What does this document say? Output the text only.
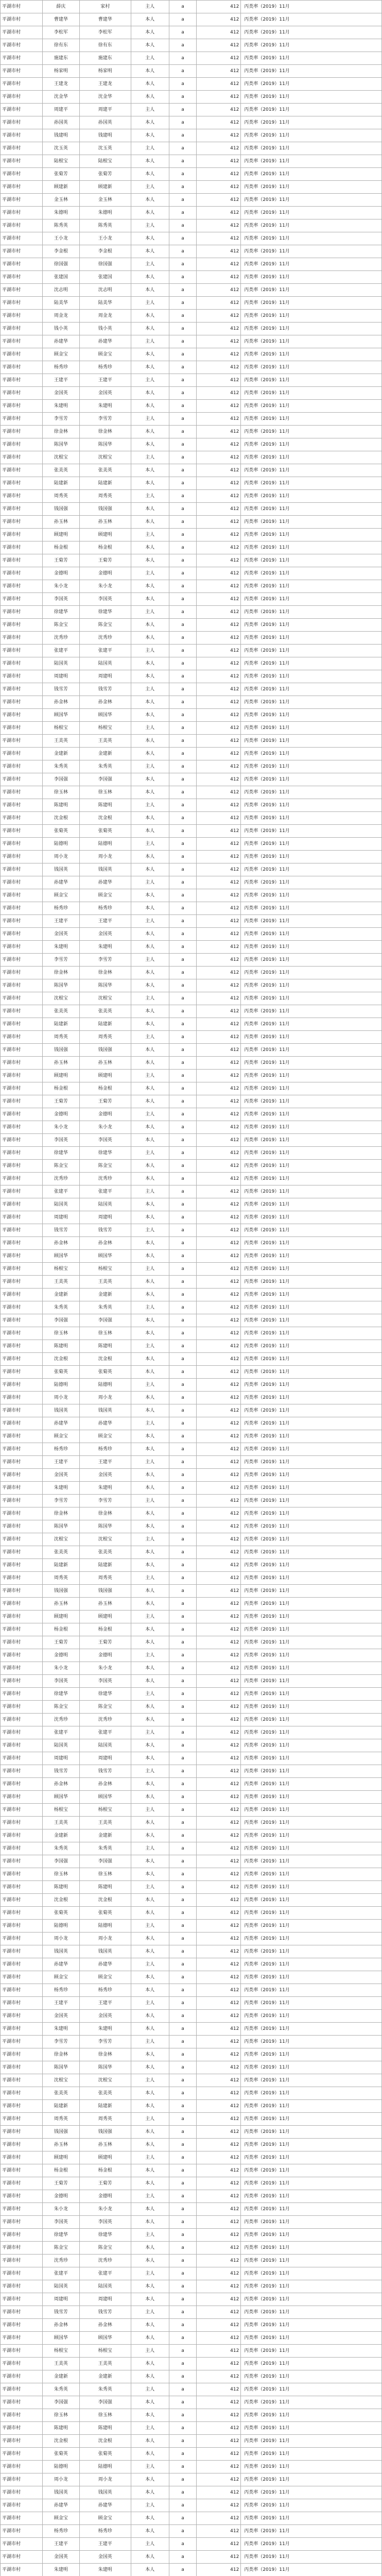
平湖市村	薛庆	家村	主人	a	412	丙类率（2019）11月
平湖市村	曹建华	曹建华	本人	a	412	丙类率（2019）11月
平湖市村	李松军	李松军	本人	a	412	丙类率（2019）11月
平湖市村	徐有东	徐有东	本人	a	412	丙类率（2019）11月
平湖市村	施建东	施建东	主人	a	412	丙类率（2019）11月
平湖市村	杨家明	杨家明	本人	a	412	丙类率（2019）11月
平湖市村	王建龙	王建龙	本人	a	412	丙类率（2019）11月
平湖市村	沈金华	沈金华	本人	a	412	丙类率（2019）11月
平湖市村	周建平	周建平	主人	a	412	丙类率（2019）11月
平湖市村	孙国英	孙国英	本人	a	412	丙类率（2019）11月
平湖市村	钱建明	钱建明	本人	a	412	丙类率（2019）11月
平湖市村	沈玉英	沈玉英	主人	a	412	丙类率（2019）11月
平湖市村	陆根宝	陆根宝	本人	a	412	丙类率（2019）11月
平湖市村	张菊芳	张菊芳	本人	a	412	丙类率（2019）11月
平湖市村	顾建新	顾建新	主人	a	412	丙类率（2019）11月
平湖市村	金玉林	金玉林	本人	a	412	丙类率（2019）11月
平湖市村	朱德明	朱德明	本人	a	412	丙类率（2019）11月
平湖市村	陈秀英	陈秀英	主人	a	412	丙类率（2019）11月
平湖市村	王小龙	王小龙	本人	a	412	丙类率（2019）11月
平湖市村	李金根	李金根	本人	a	412	丙类率（2019）11月
平湖市村	徐国强	徐国强	主人	a	412	丙类率（2019）11月
平湖市村	张建国	张建国	本人	a	412	丙类率（2019）11月
平湖市村	沈志明	沈志明	本人	a	412	丙类率（2019）11月
平湖市村	陆美华	陆美华	主人	a	412	丙类率（2019）11月
平湖市村	周金龙	周金龙	本人	a	412	丙类率（2019）11月
平湖市村	钱小英	钱小英	本人	a	412	丙类率（2019）11月
平湖市村	孙建华	孙建华	主人	a	412	丙类率（2019）11月
平湖市村	顾金宝	顾金宝	本人	a	412	丙类率（2019）11月
平湖市村	杨秀珍	杨秀珍	本人	a	412	丙类率（2019）11月
平湖市村	王建平	王建平	主人	a	412	丙类率（2019）11月
平湖市村	金国英	金国英	本人	a	412	丙类率（2019）11月
平湖市村	朱建明	朱建明	本人	a	412	丙类率（2019）11月
平湖市村	李雪芳	李雪芳	主人	a	412	丙类率（2019）11月
平湖市村	徐金林	徐金林	本人	a	412	丙类率（2019）11月
平湖市村	陈国华	陈国华	本人	a	412	丙类率（2019）11月
平湖市村	沈根宝	沈根宝	主人	a	412	丙类率（2019）11月
平湖市村	张美英	张美英	本人	a	412	丙类率（2019）11月
平湖市村	陆建新	陆建新	本人	a	412	丙类率（2019）11月
平湖市村	周秀英	周秀英	主人	a	412	丙类率（2019）11月
平湖市村	钱国强	钱国强	本人	a	412	丙类率（2019）11月
平湖市村	孙玉林	孙玉林	本人	a	412	丙类率（2019）11月
平湖市村	顾建明	顾建明	主人	a	412	丙类率（2019）11月
平湖市村	杨金根	杨金根	本人	a	412	丙类率（2019）11月
平湖市村	王菊芳	王菊芳	本人	a	412	丙类率（2019）11月
平湖市村	金德明	金德明	主人	a	412	丙类率（2019）11月
平湖市村	朱小龙	朱小龙	本人	a	412	丙类率（2019）11月
平湖市村	李国英	李国英	本人	a	412	丙类率（2019）11月
平湖市村	徐建华	徐建华	主人	a	412	丙类率（2019）11月
平湖市村	陈金宝	陈金宝	本人	a	412	丙类率（2019）11月
平湖市村	沈秀珍	沈秀珍	本人	a	412	丙类率（2019）11月
平湖市村	张建平	张建平	主人	a	412	丙类率（2019）11月
平湖市村	陆国英	陆国英	本人	a	412	丙类率（2019）11月
平湖市村	周建明	周建明	本人	a	412	丙类率（2019）11月
平湖市村	钱雪芳	钱雪芳	主人	a	412	丙类率（2019）11月
平湖市村	孙金林	孙金林	本人	a	412	丙类率（2019）11月
平湖市村	顾国华	顾国华	本人	a	412	丙类率（2019）11月
平湖市村	杨根宝	杨根宝	主人	a	412	丙类率（2019）11月
平湖市村	王美英	王美英	本人	a	412	丙类率（2019）11月
平湖市村	金建新	金建新	本人	a	412	丙类率（2019）11月
平湖市村	朱秀英	朱秀英	主人	a	412	丙类率（2019）11月
平湖市村	李国强	李国强	本人	a	412	丙类率（2019）11月
平湖市村	徐玉林	徐玉林	本人	a	412	丙类率（2019）11月
平湖市村	陈建明	陈建明	主人	a	412	丙类率（2019）11月
平湖市村	沈金根	沈金根	本人	a	412	丙类率（2019）11月
平湖市村	张菊英	张菊英	本人	a	412	丙类率（2019）11月
平湖市村	陆德明	陆德明	主人	a	412	丙类率（2019）11月
平湖市村	周小龙	周小龙	本人	a	412	丙类率（2019）11月
平湖市村	钱国英	钱国英	本人	a	412	丙类率（2019）11月
平湖市村	孙建华	孙建华	主人	a	412	丙类率（2019）11月
平湖市村	顾金宝	顾金宝	本人	a	412	丙类率（2019）11月
平湖市村	杨秀珍	杨秀珍	本人	a	412	丙类率（2019）11月
平湖市村	王建平	王建平	主人	a	412	丙类率（2019）11月
平湖市村	金国英	金国英	本人	a	412	丙类率（2019）11月
平湖市村	朱建明	朱建明	本人	a	412	丙类率（2019）11月
平湖市村	李雪芳	李雪芳	主人	a	412	丙类率（2019）11月
平湖市村	徐金林	徐金林	本人	a	412	丙类率（2019）11月
平湖市村	陈国华	陈国华	本人	a	412	丙类率（2019）11月
平湖市村	沈根宝	沈根宝	主人	a	412	丙类率（2019）11月
平湖市村	张美英	张美英	本人	a	412	丙类率（2019）11月
平湖市村	陆建新	陆建新	本人	a	412	丙类率（2019）11月
平湖市村	周秀英	周秀英	主人	a	412	丙类率（2019）11月
平湖市村	钱国强	钱国强	本人	a	412	丙类率（2019）11月
平湖市村	孙玉林	孙玉林	本人	a	412	丙类率（2019）11月
平湖市村	顾建明	顾建明	主人	a	412	丙类率（2019）11月
平湖市村	杨金根	杨金根	本人	a	412	丙类率（2019）11月
平湖市村	王菊芳	王菊芳	本人	a	412	丙类率（2019）11月
平湖市村	金德明	金德明	主人	a	412	丙类率（2019）11月
平湖市村	朱小龙	朱小龙	本人	a	412	丙类率（2019）11月
平湖市村	李国英	李国英	本人	a	412	丙类率（2019）11月
平湖市村	徐建华	徐建华	主人	a	412	丙类率（2019）11月
平湖市村	陈金宝	陈金宝	本人	a	412	丙类率（2019）11月
平湖市村	沈秀珍	沈秀珍	本人	a	412	丙类率（2019）11月
平湖市村	张建平	张建平	主人	a	412	丙类率（2019）11月
平湖市村	陆国英	陆国英	本人	a	412	丙类率（2019）11月
平湖市村	周建明	周建明	本人	a	412	丙类率（2019）11月
平湖市村	钱雪芳	钱雪芳	主人	a	412	丙类率（2019）11月
平湖市村	孙金林	孙金林	本人	a	412	丙类率（2019）11月
平湖市村	顾国华	顾国华	本人	a	412	丙类率（2019）11月
平湖市村	杨根宝	杨根宝	主人	a	412	丙类率（2019）11月
平湖市村	王美英	王美英	本人	a	412	丙类率（2019）11月
平湖市村	金建新	金建新	本人	a	412	丙类率（2019）11月
平湖市村	朱秀英	朱秀英	主人	a	412	丙类率（2019）11月
平湖市村	李国强	李国强	本人	a	412	丙类率（2019）11月
平湖市村	徐玉林	徐玉林	本人	a	412	丙类率（2019）11月
平湖市村	陈建明	陈建明	主人	a	412	丙类率（2019）11月
平湖市村	沈金根	沈金根	本人	a	412	丙类率（2019）11月
平湖市村	张菊英	张菊英	本人	a	412	丙类率（2019）11月
平湖市村	陆德明	陆德明	主人	a	412	丙类率（2019）11月
平湖市村	周小龙	周小龙	本人	a	412	丙类率（2019）11月
平湖市村	钱国英	钱国英	本人	a	412	丙类率（2019）11月
平湖市村	孙建华	孙建华	主人	a	412	丙类率（2019）11月
平湖市村	顾金宝	顾金宝	本人	a	412	丙类率（2019）11月
平湖市村	杨秀珍	杨秀珍	本人	a	412	丙类率（2019）11月
平湖市村	王建平	王建平	主人	a	412	丙类率（2019）11月
平湖市村	金国英	金国英	本人	a	412	丙类率（2019）11月
平湖市村	朱建明	朱建明	本人	a	412	丙类率（2019）11月
平湖市村	李雪芳	李雪芳	主人	a	412	丙类率（2019）11月
平湖市村	徐金林	徐金林	本人	a	412	丙类率（2019）11月
平湖市村	陈国华	陈国华	本人	a	412	丙类率（2019）11月
平湖市村	沈根宝	沈根宝	主人	a	412	丙类率（2019）11月
平湖市村	张美英	张美英	本人	a	412	丙类率（2019）11月
平湖市村	陆建新	陆建新	本人	a	412	丙类率（2019）11月
平湖市村	周秀英	周秀英	主人	a	412	丙类率（2019）11月
平湖市村	钱国强	钱国强	本人	a	412	丙类率（2019）11月
平湖市村	孙玉林	孙玉林	本人	a	412	丙类率（2019）11月
平湖市村	顾建明	顾建明	主人	a	412	丙类率（2019）11月
平湖市村	杨金根	杨金根	本人	a	412	丙类率（2019）11月
平湖市村	王菊芳	王菊芳	本人	a	412	丙类率（2019）11月
平湖市村	金德明	金德明	主人	a	412	丙类率（2019）11月
平湖市村	朱小龙	朱小龙	本人	a	412	丙类率（2019）11月
平湖市村	李国英	李国英	本人	a	412	丙类率（2019）11月
平湖市村	徐建华	徐建华	主人	a	412	丙类率（2019）11月
平湖市村	陈金宝	陈金宝	本人	a	412	丙类率（2019）11月
平湖市村	沈秀珍	沈秀珍	本人	a	412	丙类率（2019）11月
平湖市村	张建平	张建平	主人	a	412	丙类率（2019）11月
平湖市村	陆国英	陆国英	本人	a	412	丙类率（2019）11月
平湖市村	周建明	周建明	本人	a	412	丙类率（2019）11月
平湖市村	钱雪芳	钱雪芳	主人	a	412	丙类率（2019）11月
平湖市村	孙金林	孙金林	本人	a	412	丙类率（2019）11月
平湖市村	顾国华	顾国华	本人	a	412	丙类率（2019）11月
平湖市村	杨根宝	杨根宝	主人	a	412	丙类率（2019）11月
平湖市村	王美英	王美英	本人	a	412	丙类率（2019）11月
平湖市村	金建新	金建新	本人	a	412	丙类率（2019）11月
平湖市村	朱秀英	朱秀英	主人	a	412	丙类率（2019）11月
平湖市村	李国强	李国强	本人	a	412	丙类率（2019）11月
平湖市村	徐玉林	徐玉林	本人	a	412	丙类率（2019）11月
平湖市村	陈建明	陈建明	主人	a	412	丙类率（2019）11月
平湖市村	沈金根	沈金根	本人	a	412	丙类率（2019）11月
平湖市村	张菊英	张菊英	本人	a	412	丙类率（2019）11月
平湖市村	陆德明	陆德明	主人	a	412	丙类率（2019）11月
平湖市村	周小龙	周小龙	本人	a	412	丙类率（2019）11月
平湖市村	钱国英	钱国英	本人	a	412	丙类率（2019）11月
平湖市村	孙建华	孙建华	主人	a	412	丙类率（2019）11月
平湖市村	顾金宝	顾金宝	本人	a	412	丙类率（2019）11月
平湖市村	杨秀珍	杨秀珍	本人	a	412	丙类率（2019）11月
平湖市村	王建平	王建平	主人	a	412	丙类率（2019）11月
平湖市村	金国英	金国英	本人	a	412	丙类率（2019）11月
平湖市村	朱建明	朱建明	本人	a	412	丙类率（2019）11月
平湖市村	李雪芳	李雪芳	主人	a	412	丙类率（2019）11月
平湖市村	徐金林	徐金林	本人	a	412	丙类率（2019）11月
平湖市村	陈国华	陈国华	本人	a	412	丙类率（2019）11月
平湖市村	沈根宝	沈根宝	主人	a	412	丙类率（2019）11月
平湖市村	张美英	张美英	本人	a	412	丙类率（2019）11月
平湖市村	陆建新	陆建新	本人	a	412	丙类率（2019）11月
平湖市村	周秀英	周秀英	主人	a	412	丙类率（2019）11月
平湖市村	钱国强	钱国强	本人	a	412	丙类率（2019）11月
平湖市村	孙玉林	孙玉林	本人	a	412	丙类率（2019）11月
平湖市村	顾建明	顾建明	主人	a	412	丙类率（2019）11月
平湖市村	杨金根	杨金根	本人	a	412	丙类率（2019）11月
平湖市村	王菊芳	王菊芳	本人	a	412	丙类率（2019）11月
平湖市村	金德明	金德明	主人	a	412	丙类率（2019）11月
平湖市村	朱小龙	朱小龙	本人	a	412	丙类率（2019）11月
平湖市村	李国英	李国英	本人	a	412	丙类率（2019）11月
平湖市村	徐建华	徐建华	主人	a	412	丙类率（2019）11月
平湖市村	陈金宝	陈金宝	本人	a	412	丙类率（2019）11月
平湖市村	沈秀珍	沈秀珍	本人	a	412	丙类率（2019）11月
平湖市村	张建平	张建平	主人	a	412	丙类率（2019）11月
平湖市村	陆国英	陆国英	本人	a	412	丙类率（2019）11月
平湖市村	周建明	周建明	本人	a	412	丙类率（2019）11月
平湖市村	钱雪芳	钱雪芳	主人	a	412	丙类率（2019）11月
平湖市村	孙金林	孙金林	本人	a	412	丙类率（2019）11月
平湖市村	顾国华	顾国华	本人	a	412	丙类率（2019）11月
平湖市村	杨根宝	杨根宝	主人	a	412	丙类率（2019）11月
平湖市村	王美英	王美英	本人	a	412	丙类率（2019）11月
平湖市村	金建新	金建新	本人	a	412	丙类率（2019）11月
平湖市村	朱秀英	朱秀英	主人	a	412	丙类率（2019）11月
平湖市村	李国强	李国强	本人	a	412	丙类率（2019）11月
平湖市村	徐玉林	徐玉林	本人	a	412	丙类率（2019）11月
平湖市村	陈建明	陈建明	主人	a	412	丙类率（2019）11月
平湖市村	沈金根	沈金根	本人	a	412	丙类率（2019）11月
平湖市村	张菊英	张菊英	本人	a	412	丙类率（2019）11月
平湖市村	陆德明	陆德明	主人	a	412	丙类率（2019）11月
平湖市村	周小龙	周小龙	本人	a	412	丙类率（2019）11月
平湖市村	钱国英	钱国英	本人	a	412	丙类率（2019）11月
平湖市村	孙建华	孙建华	主人	a	412	丙类率（2019）11月
平湖市村	顾金宝	顾金宝	本人	a	412	丙类率（2019）11月
平湖市村	杨秀珍	杨秀珍	本人	a	412	丙类率（2019）11月
平湖市村	王建平	王建平	主人	a	412	丙类率（2019）11月
平湖市村	金国英	金国英	本人	a	412	丙类率（2019）11月
平湖市村	朱建明	朱建明	本人	a	412	丙类率（2019）11月
